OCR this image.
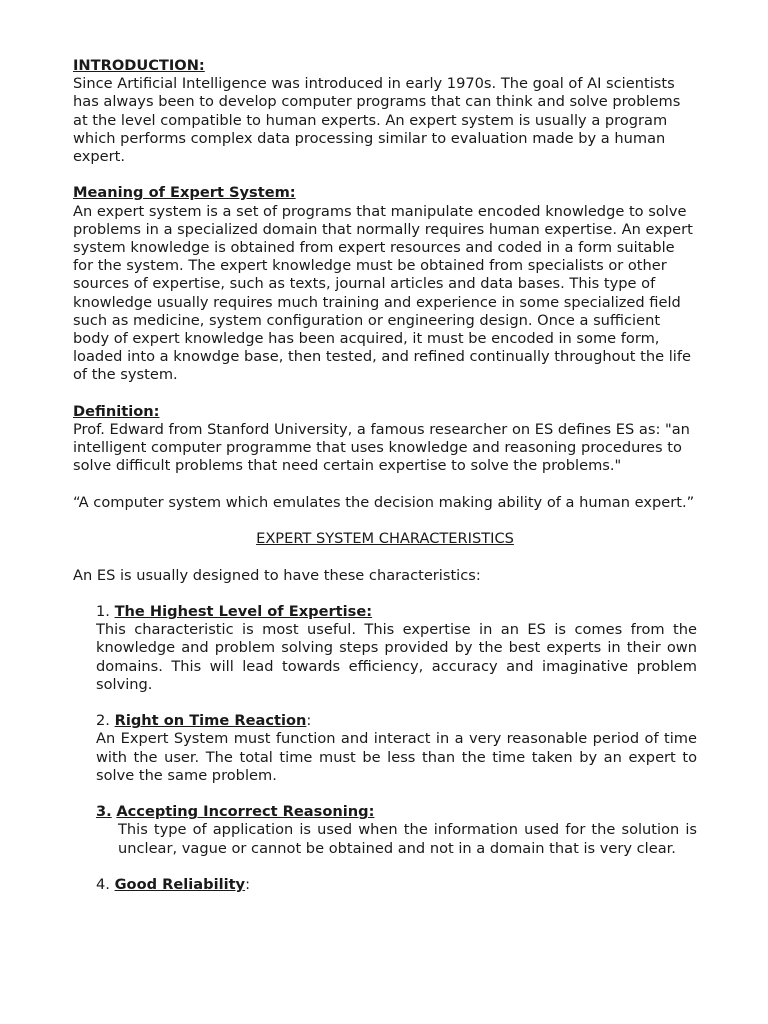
INTRODUCTION:

Since Artificial Intelligence was introduced in early 1970s. The goal of AI scientists has always been to develop computer programs that can think and solve problems at the level compatible to human experts. An expert system is usually a program which performs complex data processing similar to evaluation made by a human expert.

Meaning of Expert System:

An expert system is a set of programs that manipulate encoded knowledge to solve problems in a specialized domain that normally requires human expertise. An expert system knowledge is obtained from expert resources and coded in a form suitable for the system. The expert knowledge must be obtained from specialists or other sources of expertise, such as texts, journal articles and data bases. This type of knowledge usually requires much training and experience in some specialized field such as medicine, system configuration or engineering design. Once a sufficient body of expert knowledge has been acquired, it must be encoded in some form, loaded into a knowdge base, then tested, and refined continually throughout the life of the system.

Definition:

Prof. Edward from Stanford University, a famous researcher on ES defines ES as: "an intelligent computer programme that uses knowledge and reasoning procedures to solve difficult problems that need certain expertise to solve the problems."

“A computer system which emulates the decision making ability of a human expert.”

EXPERT SYSTEM CHARACTERISTICS

An ES is usually designed to have these characteristics:

1. The Highest Level of Expertise:

This characteristic is most useful. This expertise in an ES is comes from the knowledge and problem solving steps provided by the best experts in their own domains. This will lead towards efficiency, accuracy and imaginative problem solving.

2. Right on Time Reaction:

An Expert System must function and interact in a very reasonable period of time with the user. The total time must be less than the time taken by an expert to solve the same problem.

3. Accepting Incorrect Reasoning:

This type of application is used when the information used for the solution is unclear, vague or cannot be obtained and not in a domain that is very clear.

4. Good Reliability:
